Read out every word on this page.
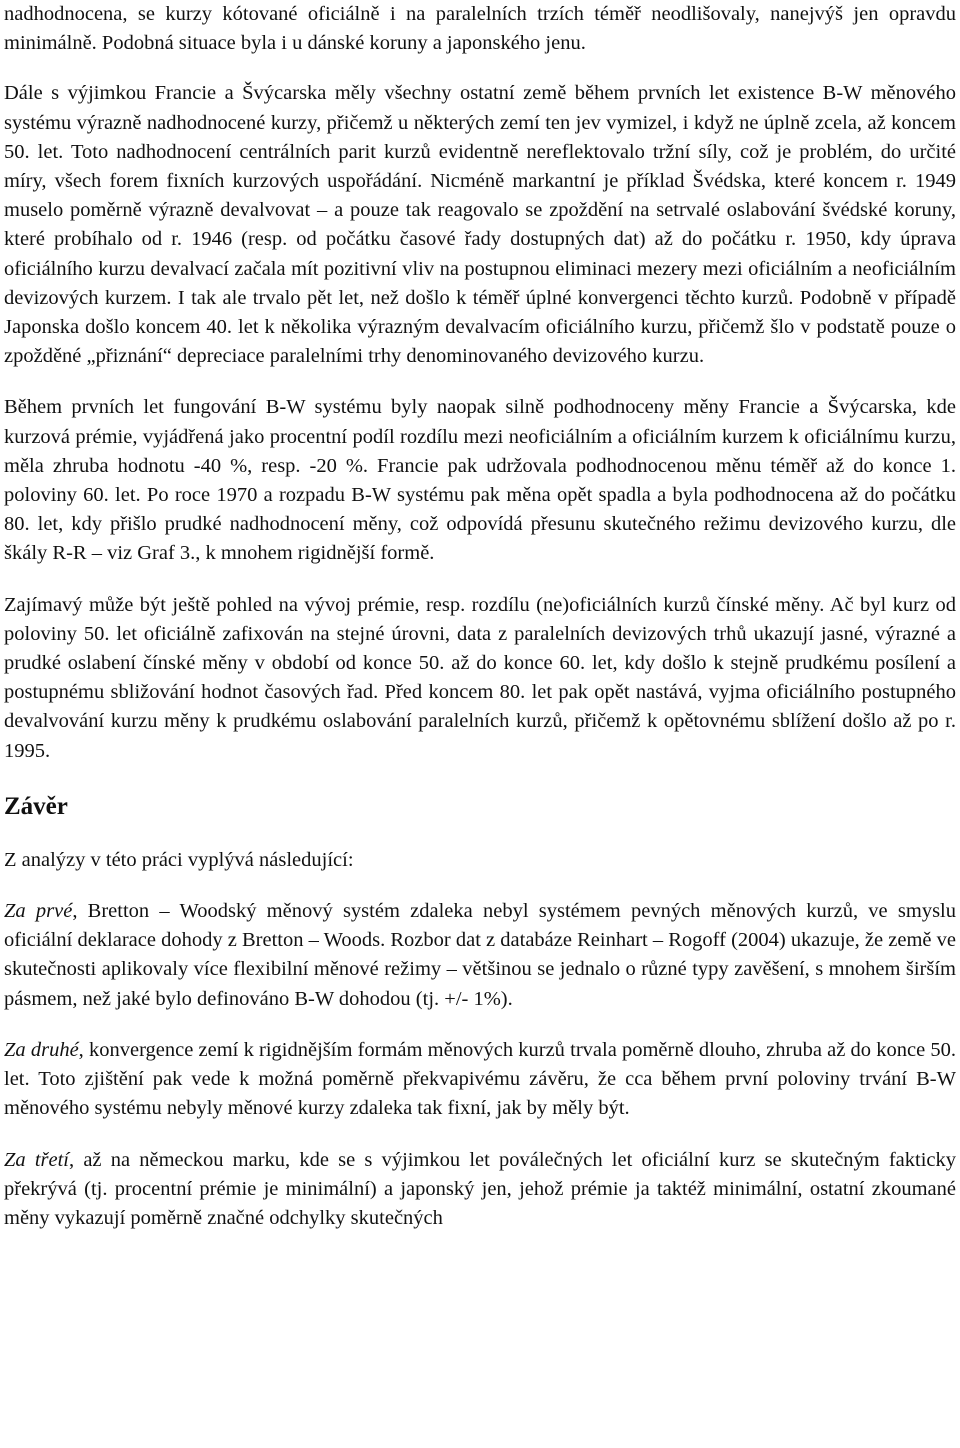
nadhodnocena, se kurzy kótované oficiálně i na paralelních trzích téměř neodlišovaly, nanejvýš jen opravdu minimálně. Podobná situace byla i u dánské koruny a japonského jenu.

Dále s výjimkou Francie a Švýcarska měly všechny ostatní země během prvních let existence B-W měnového systému výrazně nadhodnocené kurzy, přičemž u některých zemí ten jev vymizel, i když ne úplně zcela, až koncem 50. let. Toto nadhodnocení centrálních parit kurzů evidentně nereflektovalo tržní síly, což je problém, do určité míry, všech forem fixních kurzových uspořádání. Nicméně markantní je příklad Švédska, které koncem r. 1949 muselo poměrně výrazně devalvovat – a pouze tak reagovalo se zpoždění na setrvalé oslabování švédské koruny, které probíhalo od r. 1946 (resp. od počátku časové řady dostupných dat) až do počátku r. 1950, kdy úprava oficiálního kurzu devalvací začala mít pozitivní vliv na postupnou eliminaci mezery mezi oficiálním a neoficiálním devizových kurzem. I tak ale trvalo pět let, než došlo k téměř úplné konvergenci těchto kurzů. Podobně v případě Japonska došlo koncem 40. let k několika výrazným devalvacím oficiálního kurzu, přičemž šlo v podstatě pouze o zpožděné „přiznání“ depreciace paralelními trhy denominovaného devizového kurzu.

Během prvních let fungování B-W systému byly naopak silně podhodnoceny měny Francie a Švýcarska, kde kurzová prémie, vyjádřená jako procentní podíl rozdílu mezi neoficiálním a oficiálním kurzem k oficiálnímu kurzu, měla zhruba hodnotu -40 %, resp. -20 %. Francie pak udržovala podhodnocenou měnu téměř až do konce 1. poloviny 60. let. Po roce 1970 a rozpadu B-W systému pak měna opět spadla a byla podhodnocena až do počátku 80. let, kdy přišlo prudké nadhodnocení měny, což odpovídá přesunu skutečného režimu devizového kurzu, dle škály R-R – viz Graf 3., k mnohem rigidnější formě.

Zajímavý může být ještě pohled na vývoj prémie, resp. rozdílu (ne)oficiálních kurzů čínské měny. Ač byl kurz od poloviny 50. let oficiálně zafixován na stejné úrovni, data z paralelních devizových trhů ukazují jasné, výrazné a prudké oslabení čínské měny v období od konce 50. až do konce 60. let, kdy došlo k stejně prudkému posílení a postupnému sbližování hodnot časových řad. Před koncem 80. let pak opět nastává, vyjma oficiálního postupného devalvování kurzu měny k prudkému oslabování paralelních kurzů, přičemž k opětovnému sblížení došlo až po r. 1995.

Závěr

Z analýzy v této práci vyplývá následující:

Za prvé, Bretton – Woodský měnový systém zdaleka nebyl systémem pevných měnových kurzů, ve smyslu oficiální deklarace dohody z Bretton – Woods. Rozbor dat z databáze Reinhart – Rogoff (2004) ukazuje, že země ve skutečnosti aplikovaly více flexibilní měnové režimy – většinou se jednalo o různé typy zavěšení, s mnohem širším pásmem, než jaké bylo definováno B-W dohodou (tj. +/- 1%).

Za druhé, konvergence zemí k rigidnějším formám měnových kurzů trvala poměrně dlouho, zhruba až do konce 50. let. Toto zjištění pak vede k možná poměrně překvapivému závěru, že cca během první poloviny trvání B-W měnového systému nebyly měnové kurzy zdaleka tak fixní, jak by měly být.

Za třetí, až na německou marku, kde se s výjimkou let poválečných let oficiální kurz se skutečným fakticky překrývá (tj. procentní prémie je minimální) a japonský jen, jehož prémie ja taktéž minimální, ostatní zkoumané měny vykazují poměrně značné odchylky skutečných
